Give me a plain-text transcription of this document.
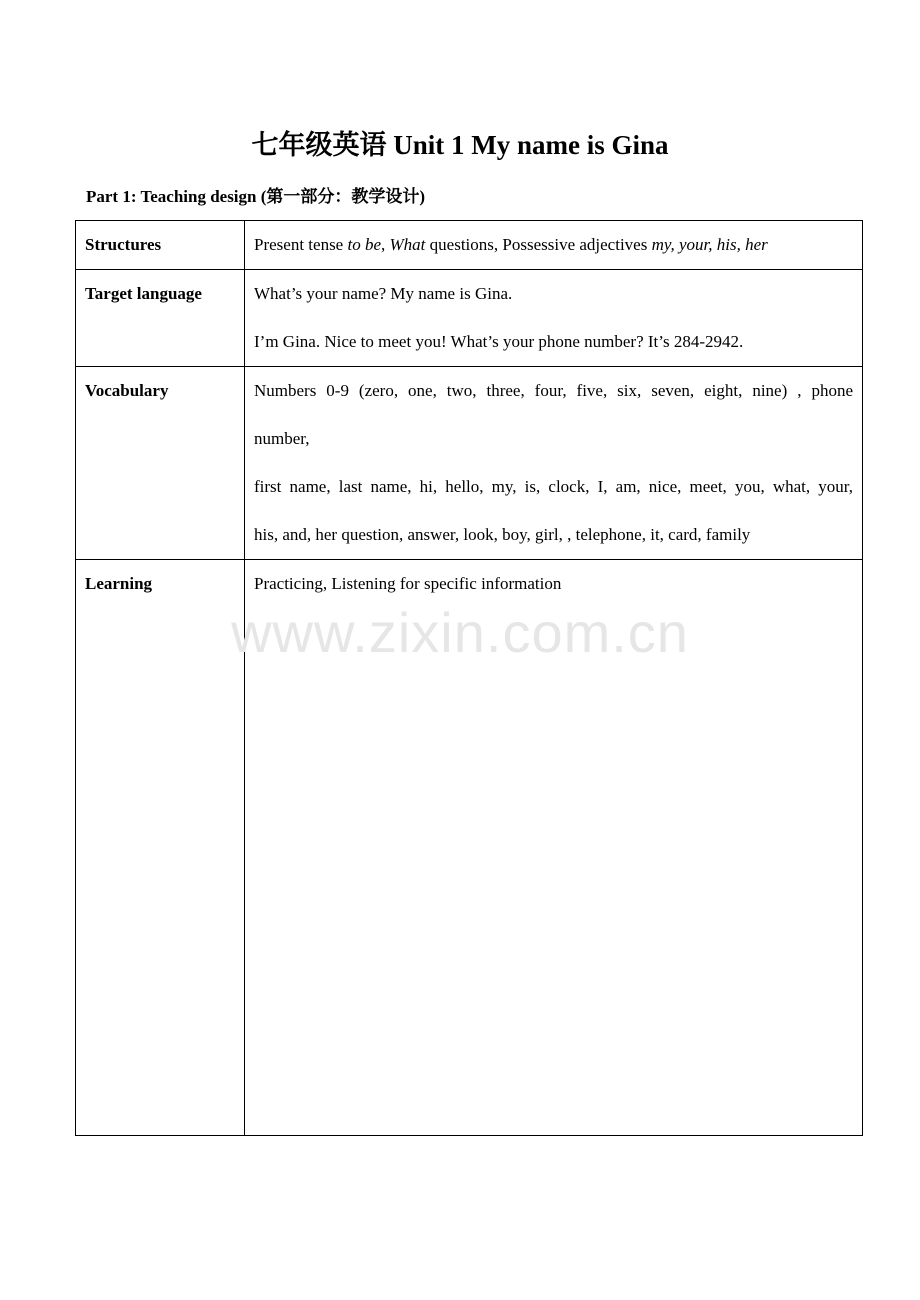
七年级英语 Unit 1 My name is Gina
Part 1: Teaching design (第一部分：教学设计)
Structures	Present tense to be, What questions, Possessive adjectives my, your, his, her
Target language	What’s your name? My name is Gina.
I’m Gina. Nice to meet you! What’s your phone number? It’s 284-2942.

Vocabulary	Numbers 0-9 (zero, one, two, three, four, five, six, seven, eight, nine) , phone
number,
first name, last name, hi, hello, my, is, clock, I, am, nice, meet, you, what, your,
his, and, her question, answer, look, boy, girl, , telephone, it, card, family

Learning	Practicing, Listening for specific information
www.zixin.com.cn
